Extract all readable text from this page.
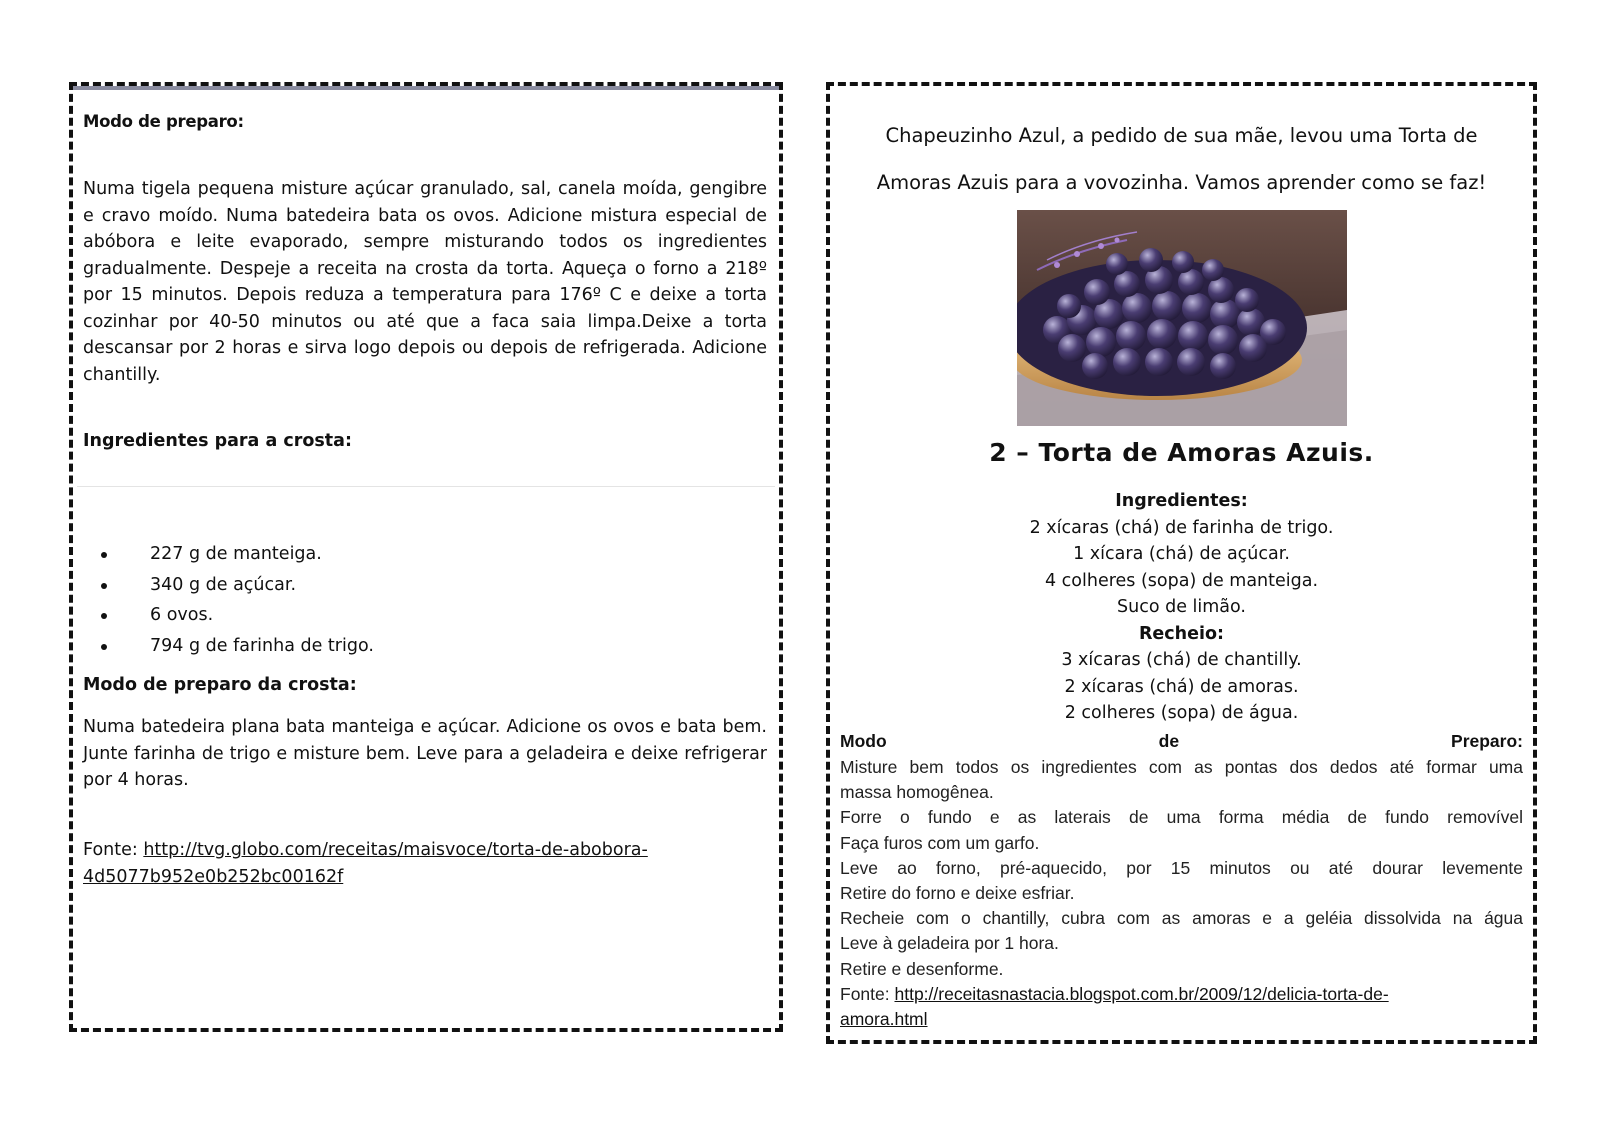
Modo de preparo:
Numa tigela pequena misture açúcar granulado, sal, canela moída, gengibre e cravo moído. Numa batedeira bata os ovos. Adicione mistura especial de abóbora e leite evaporado, sempre misturando todos os ingredientes gradualmente. Despeje a receita na crosta da torta. Aqueça o forno a 218º por 15 minutos. Depois reduza a temperatura para 176º C e deixe a torta cozinhar por 40-50 minutos ou até que a faca saia limpa.Deixe a torta descansar por 2 horas e sirva logo depois ou depois de refrigerada. Adicione chantilly.
Ingredientes para a crosta:
227 g de manteiga.
340 g de açúcar.
6 ovos.
794 g de farinha de trigo.
Modo de preparo da crosta:
Numa batedeira plana bata manteiga e açúcar. Adicione os ovos e bata bem. Junte farinha de trigo e misture bem. Leve para a geladeira e deixe refrigerar por 4 horas.
Fonte: http://tvg.globo.com/receitas/maisvoce/torta-de-abobora-
4d5077b952e0b252bc00162f
Chapeuzinho Azul, a pedido de sua mãe, levou uma Torta de
Amoras Azuis para a vovozinha. Vamos aprender como se faz!
2 – Torta de Amoras Azuis.
Ingredientes:
2 xícaras (chá) de farinha de trigo.
1 xícara (chá) de açúcar.
4 colheres (sopa) de manteiga.
Suco de limão.
Recheio:
3 xícaras (chá) de chantilly.
2 xícaras (chá) de amoras.
2 colheres (sopa) de água.
Modo	de	Preparo:
Misture bem todos os ingredientes com as pontas dos dedos até formar uma
massa homogênea.
Forre o fundo e as laterais de uma forma média de fundo removível
Faça furos com um garfo.
Leve ao forno, pré-aquecido, por 15 minutos ou até dourar levemente
Retire do forno e deixe esfriar.
Recheie com o chantilly, cubra com as amoras e a geléia dissolvida na água
Leve à geladeira por 1 hora.
Retire e desenforme.
Fonte: http://receitasnastacia.blogspot.com.br/2009/12/delicia-torta-de-
amora.html
